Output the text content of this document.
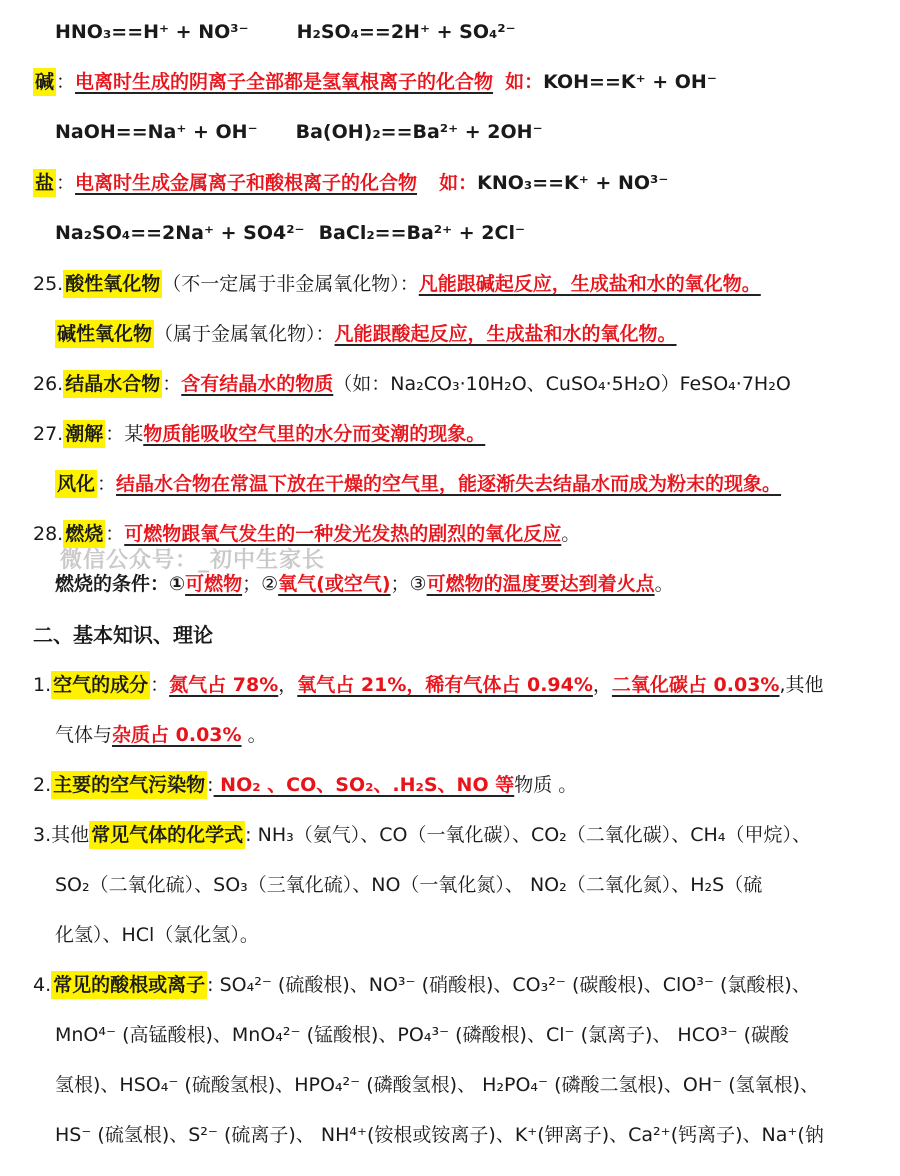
HNO₃==H⁺ + NO³⁻	H₂SO₄==2H⁺ + SO₄²⁻
碱 ：电离时生成的阴离子全部都是氢氧根离子的化合物 如：KOH==K⁺ + OH⁻
NaOH==Na⁺ + OH⁻ Ba(OH)₂==Ba²⁺ + 2OH⁻
盐 ：电离时生成金属离子和酸根离子的化合物 如：KNO₃==K⁺ + NO³⁻
Na₂SO₄==2Na⁺ + SO4²⁻ BaCl₂==Ba²⁺ + 2Cl⁻
25. 酸性氧化物 （不一定属于非金属氧化物）：凡能跟碱起反应，生成盐和水的氧化物。
碱性氧化物 （属于金属氧化物）：凡能跟酸起反应，生成盐和水的氧化物。
26. 结晶水合物 ：含有结晶水的物质（如：Na₂CO₃·10H₂O、CuSO₄·5H₂O）FeSO₄·7H₂O
27. 潮解 ：某物质能吸收空气里的水分而变潮的现象。
风化 ：结晶水合物在常温下放在干燥的空气里，能逐渐失去结晶水而成为粉末的现象。
28. 燃烧 ：可燃物跟氧气发生的一种发光发热的剧烈的氧化反应。
微信公众号：_初中生家长
燃烧的条件：①可燃物；②氧气(或空气)；③可燃物的温度要达到着火点。
二、基本知识、理论
1. 空气的成分 ：氮气占 78%，氧气占 21%，稀有气体占 0.94%，二氧化碳占 0.03%,其他
气体与杂质占 0.03% 。
2. 主要的空气污染物 : NO₂ 、CO、SO₂、.H₂S、NO 等物质 。
3.其他 常见气体的化学式 : NH₃（氨气）、CO（一氧化碳）、CO₂（二氧化碳）、CH₄（甲烷）、
SO₂（二氧化硫）、SO₃（三氧化硫）、NO（一氧化氮）、 NO₂（二氧化氮）、H₂S（硫
化氢）、HCl（氯化氢）。
4. 常见的酸根或离子 : SO₄²⁻ (硫酸根)、NO³⁻ (硝酸根)、CO₃²⁻ (碳酸根)、ClO³⁻ (氯酸根)、
MnO⁴⁻ (高锰酸根)、MnO₄²⁻ (锰酸根)、PO₄³⁻ (磷酸根)、Cl⁻ (氯离子)、 HCO³⁻ (碳酸
氢根)、HSO₄⁻ (硫酸氢根)、HPO₄²⁻ (磷酸氢根)、 H₂PO₄⁻ (磷酸二氢根)、OH⁻ (氢氧根)、
HS⁻ (硫氢根)、S²⁻ (硫离子)、 NH⁴⁺(铵根或铵离子)、K⁺(钾离子)、Ca²⁺(钙离子)、Na⁺(钠
